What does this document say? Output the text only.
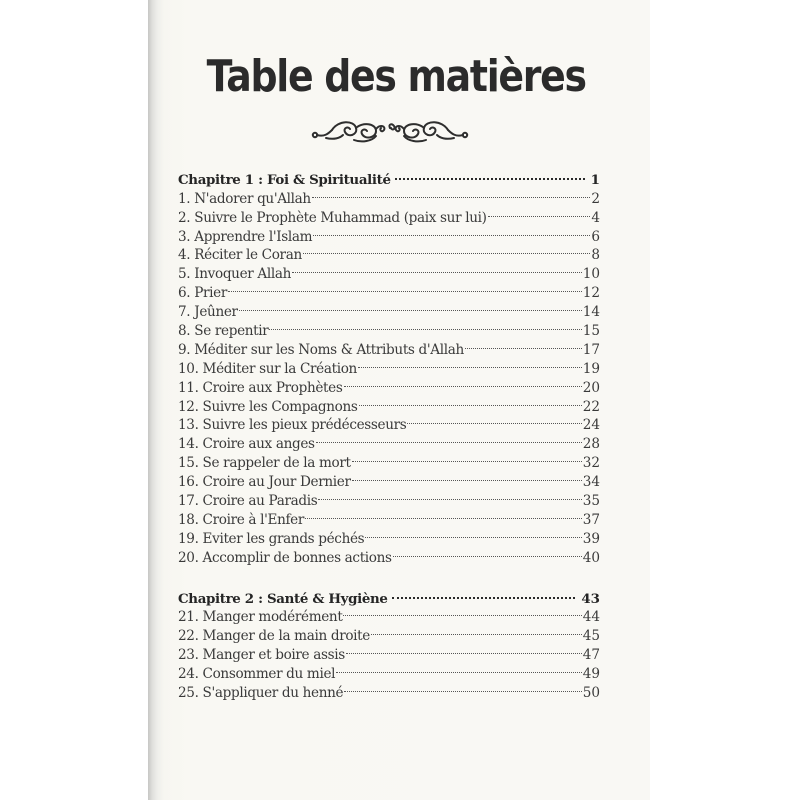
Table des matières
Chapitre 1 : Foi & Spiritualité	1
1. N'adorer qu'Allah	2
2. Suivre le Prophète Muhammad (paix sur lui)	4
3. Apprendre l'Islam	6
4. Réciter le Coran	8
5. Invoquer Allah	10
6. Prier	12
7. Jeûner	14
8. Se repentir	15
9. Méditer sur les Noms & Attributs d'Allah	17
10. Méditer sur la Création	19
11. Croire aux Prophètes	20
12. Suivre les Compagnons	22
13. Suivre les pieux prédécesseurs	24
14. Croire aux anges	28
15. Se rappeler de la mort	32
16. Croire au Jour Dernier	34
17. Croire au Paradis	35
18. Croire à l'Enfer	37
19. Eviter les grands péchés	39
20. Accomplir de bonnes actions	40
Chapitre 2 : Santé & Hygiène	43
21. Manger modérément	44
22. Manger de la main droite	45
23. Manger et boire assis	47
24. Consommer du miel	49
25. S'appliquer du henné	50
